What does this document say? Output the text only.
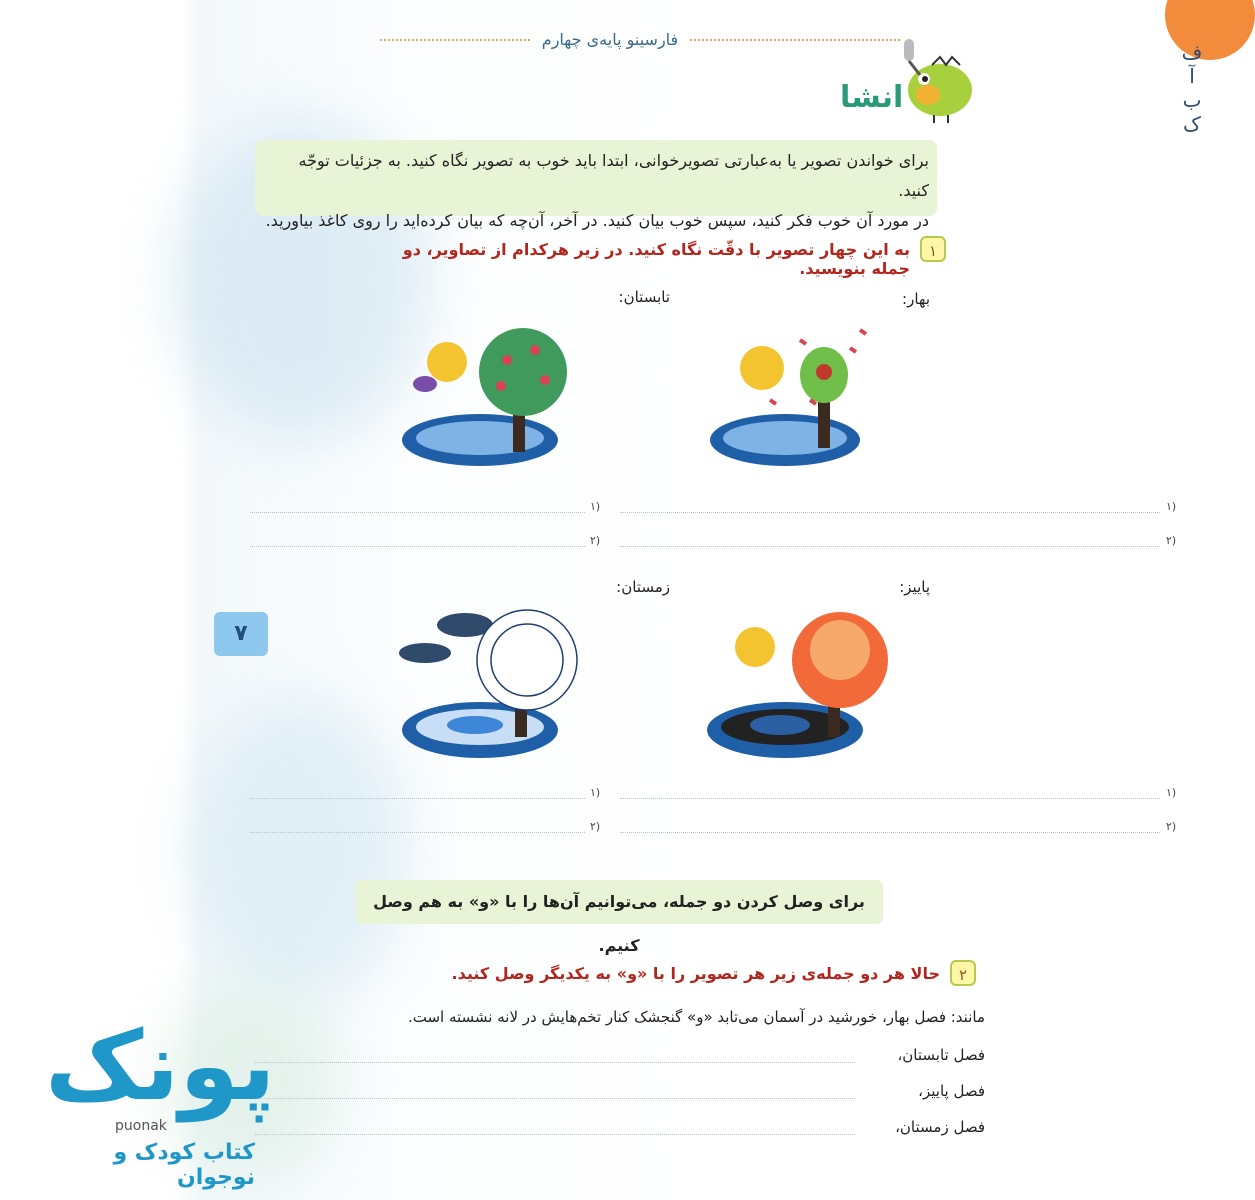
فارسینو پایه‌ی چهارم
ف
آ
ب
ک
انشا
برای خواندن تصویر یا به‌عبارتی تصویرخوانی، ابتدا باید خوب به تصویر نگاه کنید. به جزئیات توجّه کنید.
در مورد آن خوب فکر کنید، سپس خوب بیان کنید. در آخر، آن‌چه که بیان کرده‌اید را روی کاغذ بیاورید.
۱
به این چهار تصویر با دقّت نگاه کنید. در زیر هرکدام از تصاویر، دو جمله بنویسید.
بهار:
تابستان:
پاییز:
زمستان:
۱)
۲)
۱)
۲)
۱)
۲)
۱)
۲)
۷
برای وصل کردن دو جمله، می‌توانیم آن‌ها را با «و» به هم وصل کنیم.
۲
حالا هر دو جمله‌ی زیر هر تصویر را با «و» به یکدیگر وصل کنید.
مانند: فصل بهار، خورشید در آسمان می‌تابد «و» گنجشک کنار تخم‌هایش در لانه نشسته است.
فصل تابستان،
فصل پاییز،
فصل زمستان،
پونک
puonak
کتاب کودک و نوجوان
